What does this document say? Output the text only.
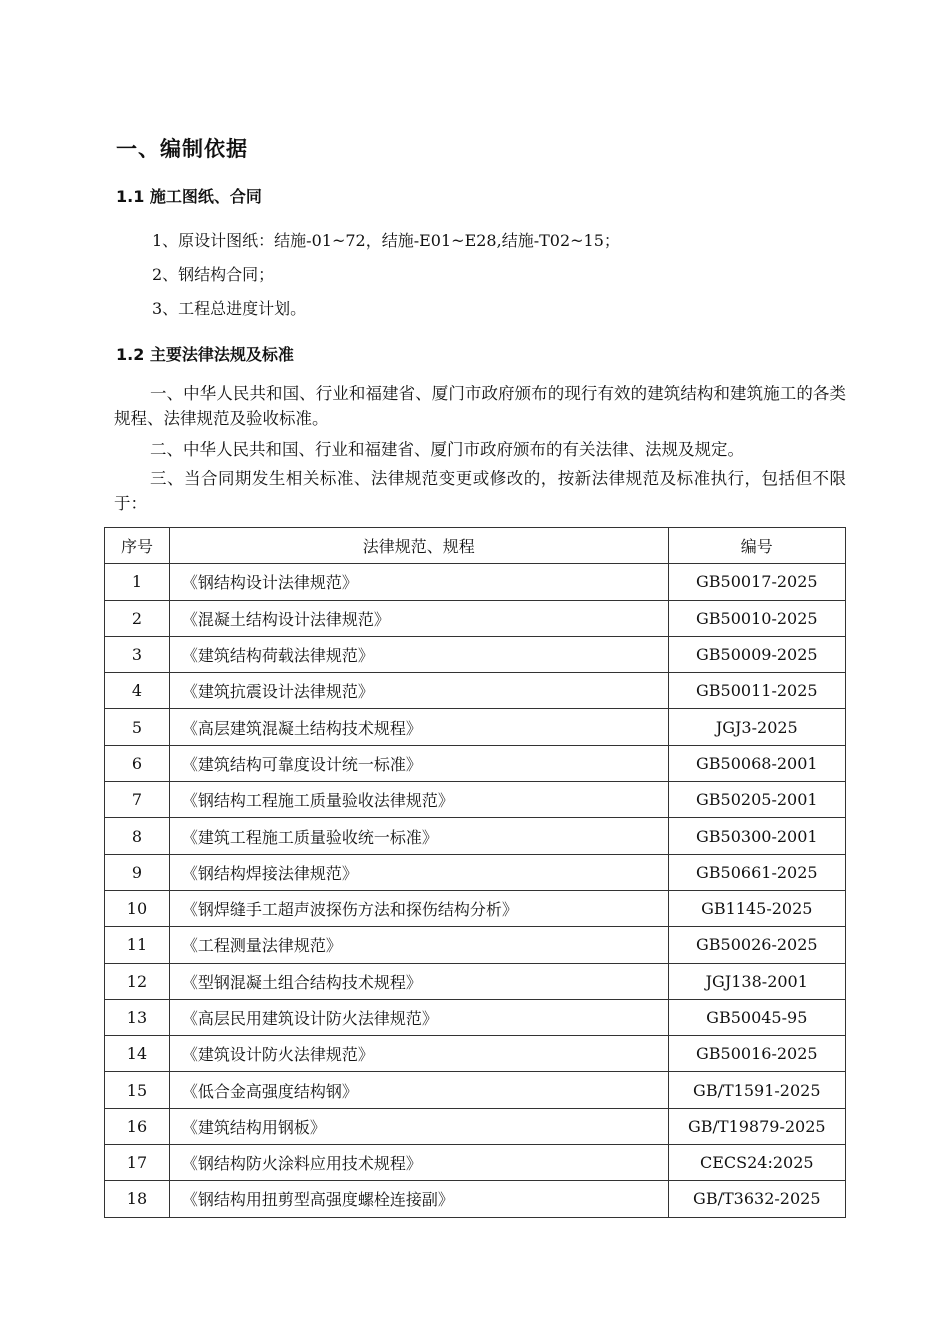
一、编制依据
1.1 施工图纸、合同
1、原设计图纸：结施-01~72，结施-E01~E28,结施-T02~15；
2、钢结构合同；
3、工程总进度计划。
1.2 主要法律法规及标准
一、中华人民共和国、行业和福建省、厦门市政府颁布的现行有效的建筑结构和建筑施工的各类规程、法律规范及验收标准。
二、中华人民共和国、行业和福建省、厦门市政府颁布的有关法律、法规及规定。
三、当合同期发生相关标准、法律规范变更或修改的，按新法律规范及标准执行，包括但不限于：
序号	法律规范、规程	编号
1	《钢结构设计法律规范》	GB50017-2025
2	《混凝土结构设计法律规范》	GB50010-2025
3	《建筑结构荷载法律规范》	GB50009-2025
4	《建筑抗震设计法律规范》	GB50011-2025
5	《高层建筑混凝土结构技术规程》	JGJ3-2025
6	《建筑结构可靠度设计统一标准》	GB50068-2001
7	《钢结构工程施工质量验收法律规范》	GB50205-2001
8	《建筑工程施工质量验收统一标准》	GB50300-2001
9	《钢结构焊接法律规范》	GB50661-2025
10	《钢焊缝手工超声波探伤方法和探伤结构分析》	GB1145-2025
11	《工程测量法律规范》	GB50026-2025
12	《型钢混凝土组合结构技术规程》	JGJ138-2001
13	《高层民用建筑设计防火法律规范》	GB50045-95
14	《建筑设计防火法律规范》	GB50016-2025
15	《低合金高强度结构钢》	GB/T1591-2025
16	《建筑结构用钢板》	GB/T19879-2025
17	《钢结构防火涂料应用技术规程》	CECS24:2025
18	《钢结构用扭剪型高强度螺栓连接副》	GB/T3632-2025
